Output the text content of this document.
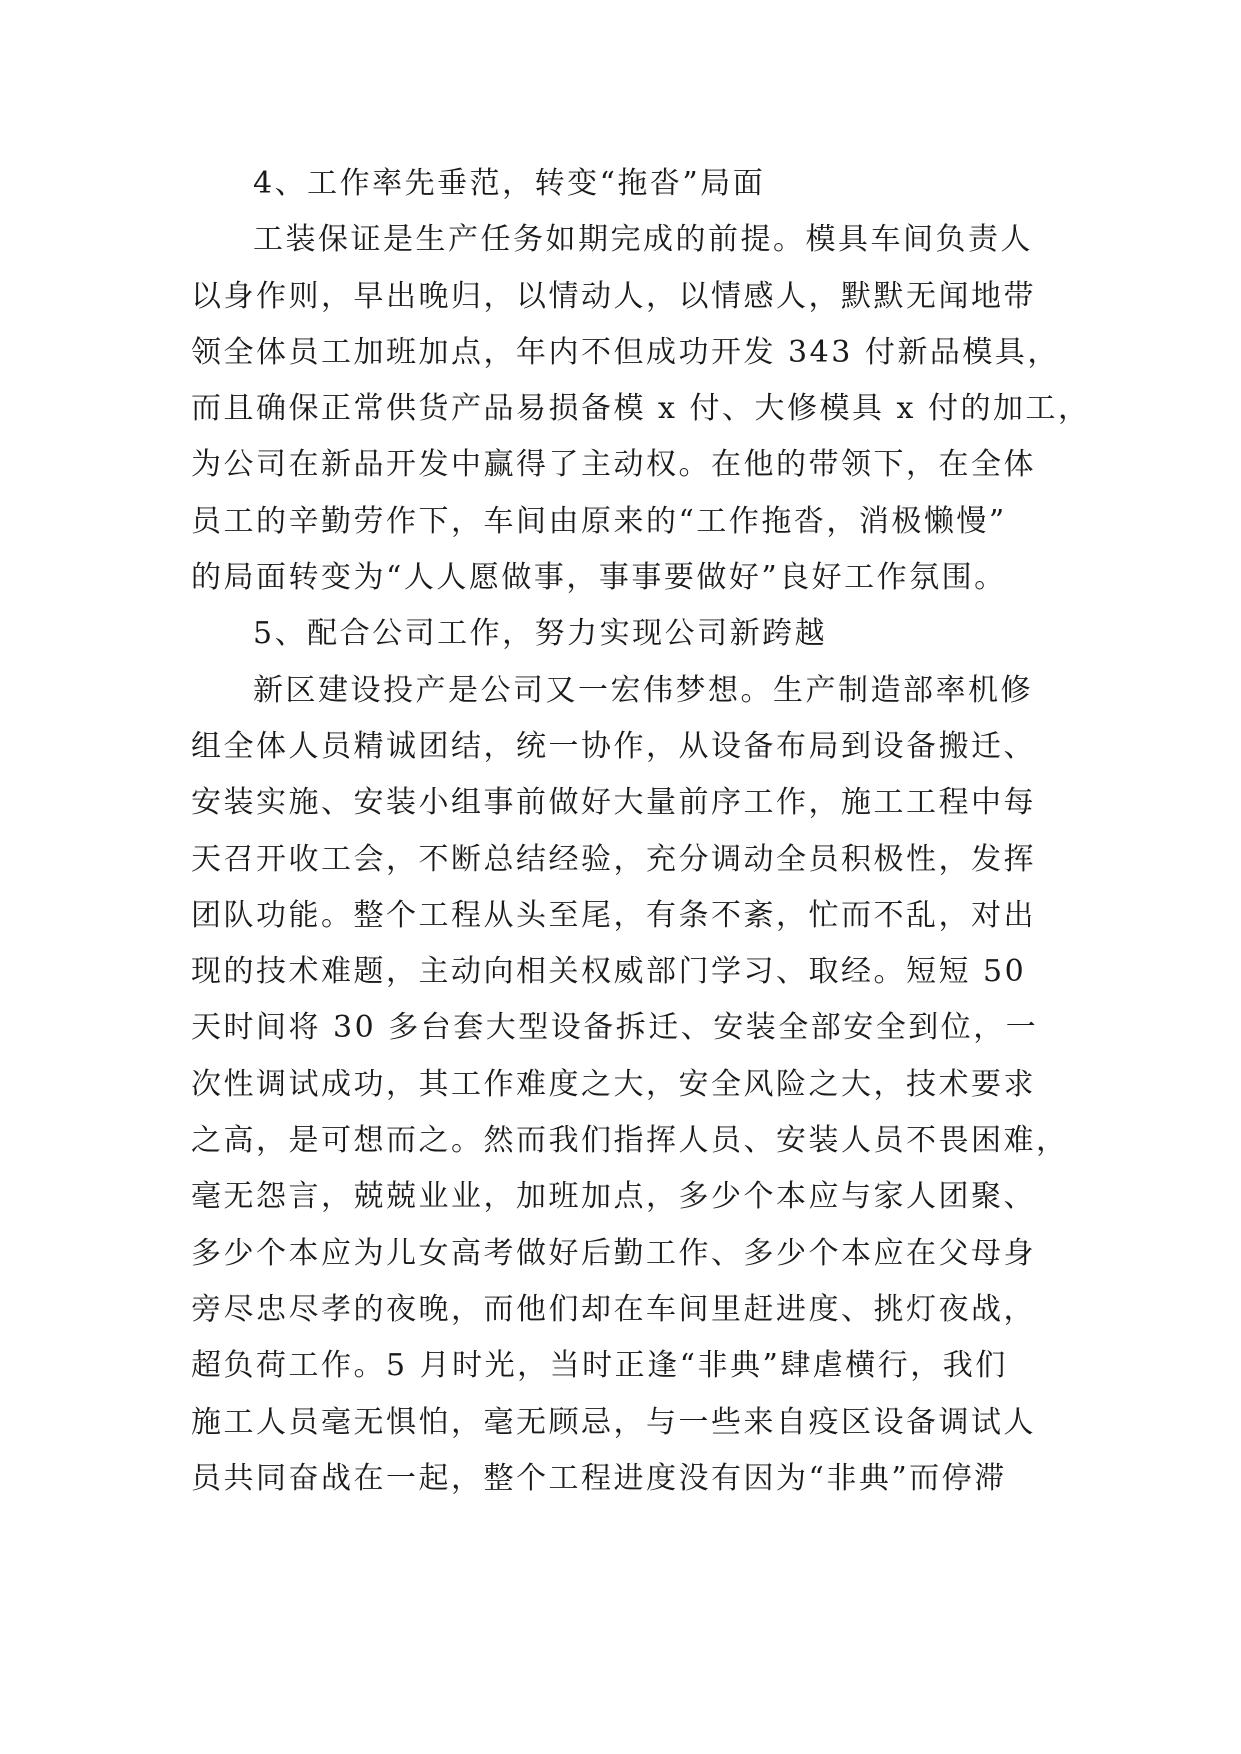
4、工作率先垂范，转变“拖沓”局面
工装保证是生产任务如期完成的前提。模具车间负责人
以身作则，早出晚归，以情动人，以情感人，默默无闻地带
领全体员工加班加点，年内不但成功开发 343 付新品模具，
而且确保正常供货产品易损备模 x 付、大修模具 x 付的加工，
为公司在新品开发中赢得了主动权。在他的带领下，在全体
员工的辛勤劳作下，车间由原来的“工作拖沓，消极懒慢”
的局面转变为“人人愿做事，事事要做好”良好工作氛围。
5、配合公司工作，努力实现公司新跨越
新区建设投产是公司又一宏伟梦想。生产制造部率机修
组全体人员精诚团结，统一协作，从设备布局到设备搬迁、
安装实施、安装小组事前做好大量前序工作，施工工程中每
天召开收工会，不断总结经验，充分调动全员积极性，发挥
团队功能。整个工程从头至尾，有条不紊，忙而不乱，对出
现的技术难题，主动向相关权威部门学习、取经。短短 50
天时间将 30 多台套大型设备拆迁、安装全部安全到位，一
次性调试成功，其工作难度之大，安全风险之大，技术要求
之高，是可想而之。然而我们指挥人员、安装人员不畏困难，
毫无怨言，兢兢业业，加班加点，多少个本应与家人团聚、
多少个本应为儿女高考做好后勤工作、多少个本应在父母身
旁尽忠尽孝的夜晚，而他们却在车间里赶进度、挑灯夜战，
超负荷工作。5 月时光，当时正逢“非典”肆虐横行，我们
施工人员毫无惧怕，毫无顾忌，与一些来自疫区设备调试人
员共同奋战在一起，整个工程进度没有因为“非典”而停滞
